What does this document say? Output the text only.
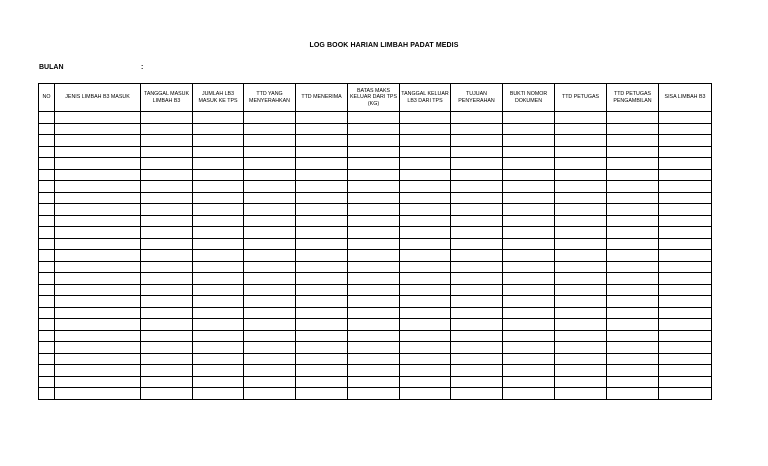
LOG BOOK HARIAN LIMBAH PADAT MEDIS
BULAN	:
NO	JENIS LIMBAH B3 MASUK	TANGGAL MASUK LIMBAH B3	JUMLAH LB3 MASUK KE TPS	TTD YANG MENYERAHKAN	TTD MENERIMA	BATAS MAKS KELUAR DARI TPS (KG)	TANGGAL KELUAR LB3 DARI TPS	TUJUAN PENYERAHAN	BUKTI NOMOR DOKUMEN	TTD PETUGAS	TTD PETUGAS PENGAMBILAN	SISA LIMBAH B3
